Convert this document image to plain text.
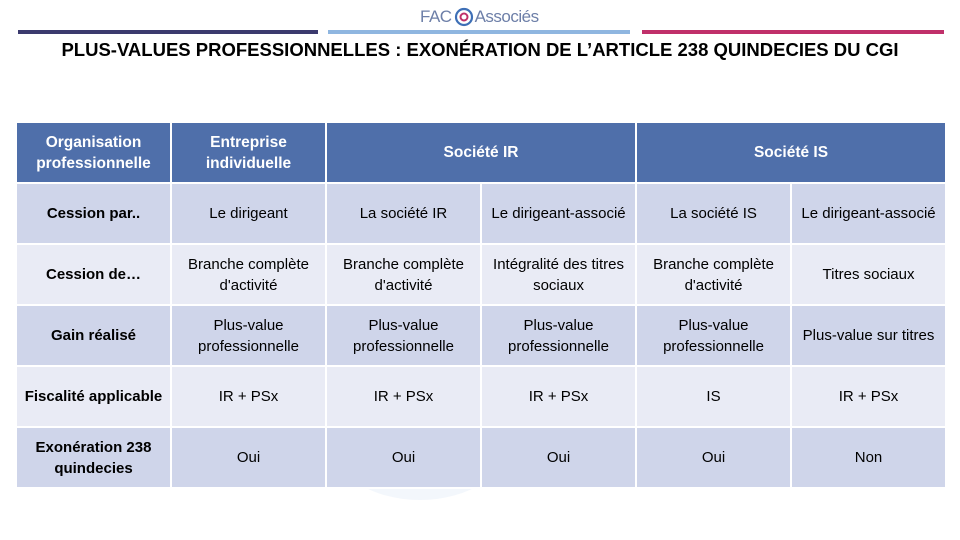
FAC Associés
PLUS-VALUES PROFESSIONNELLES : EXONÉRATION DE L’ARTICLE 238 QUINDECIES DU CGI
Organisation professionnelle	Entreprise individuelle	Société IR		Société IS	
Cession par..	Le dirigeant	La société IR	Le dirigeant-associé	La société IS	Le dirigeant-associé
Cession de…	Branche complète d'activité	Branche complète d'activité	Intégralité des titres sociaux	Branche complète d'activité	Titres sociaux
Gain réalisé	Plus-value professionnelle	Plus-value professionnelle	Plus-value professionnelle	Plus-value professionnelle	Plus-value sur titres
Fiscalité applicable	IR + PSx	IR + PSx	IR + PSx	IS	IR + PSx
Exonération 238 quindecies	Oui	Oui	Oui	Oui	Non
